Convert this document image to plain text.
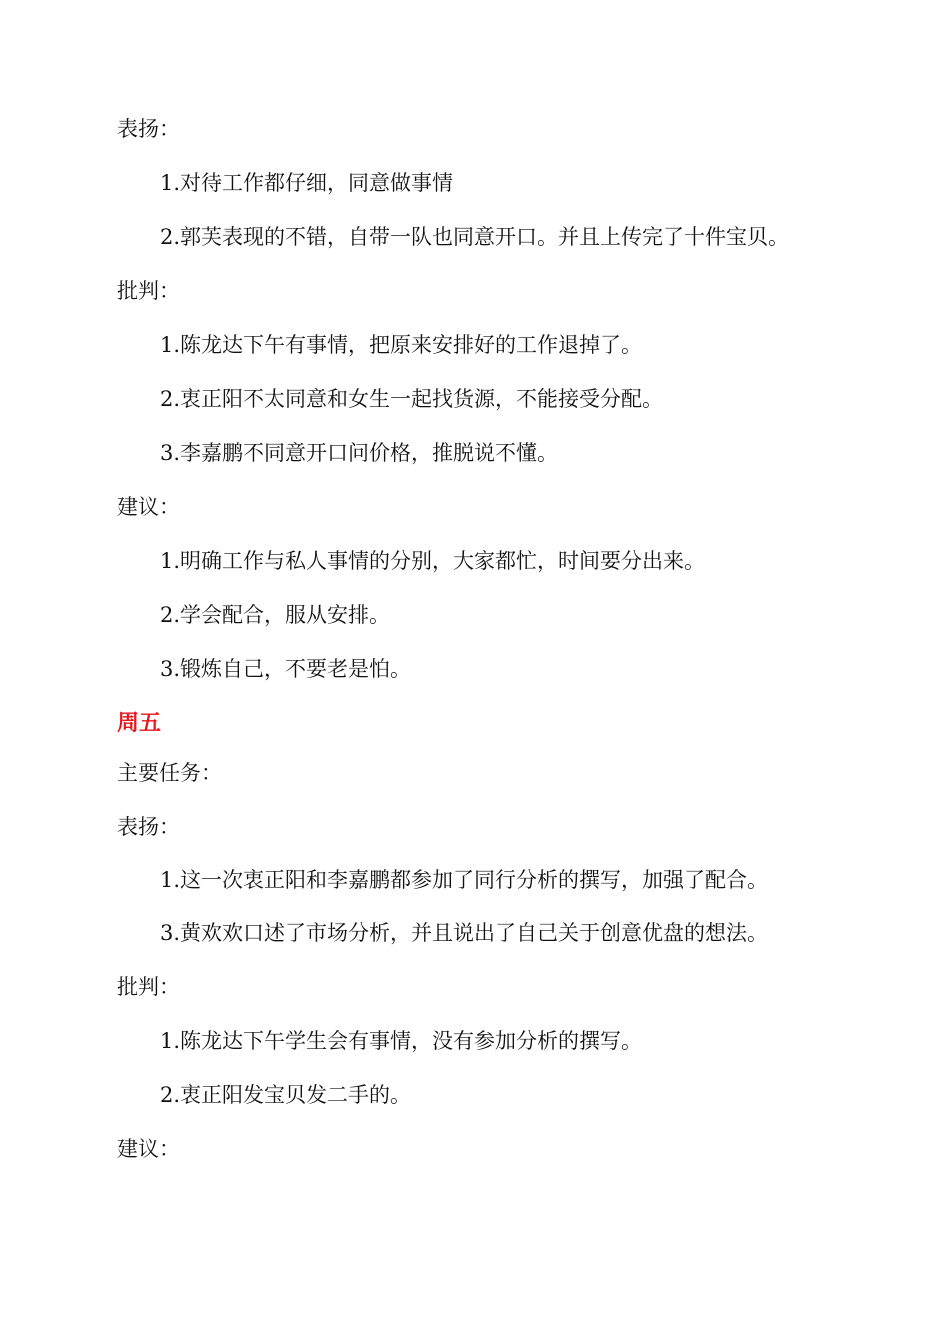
表扬：
1.对待工作都仔细，同意做事情
2.郭芙表现的不错，自带一队也同意开口。并且上传完了十件宝贝。
批判：
1.陈龙达下午有事情，把原来安排好的工作退掉了。
2.衷正阳不太同意和女生一起找货源，不能接受分配。
3.李嘉鹏不同意开口问价格，推脱说不懂。
建议：
1.明确工作与私人事情的分别，大家都忙，时间要分出来。
2.学会配合，服从安排。
3.锻炼自己，不要老是怕。
周五
主要任务：
表扬：
1.这一次衷正阳和李嘉鹏都参加了同行分析的撰写，加强了配合。
3.黄欢欢口述了市场分析，并且说出了自己关于创意优盘的想法。
批判：
1.陈龙达下午学生会有事情，没有参加分析的撰写。
2.衷正阳发宝贝发二手的。
建议：
